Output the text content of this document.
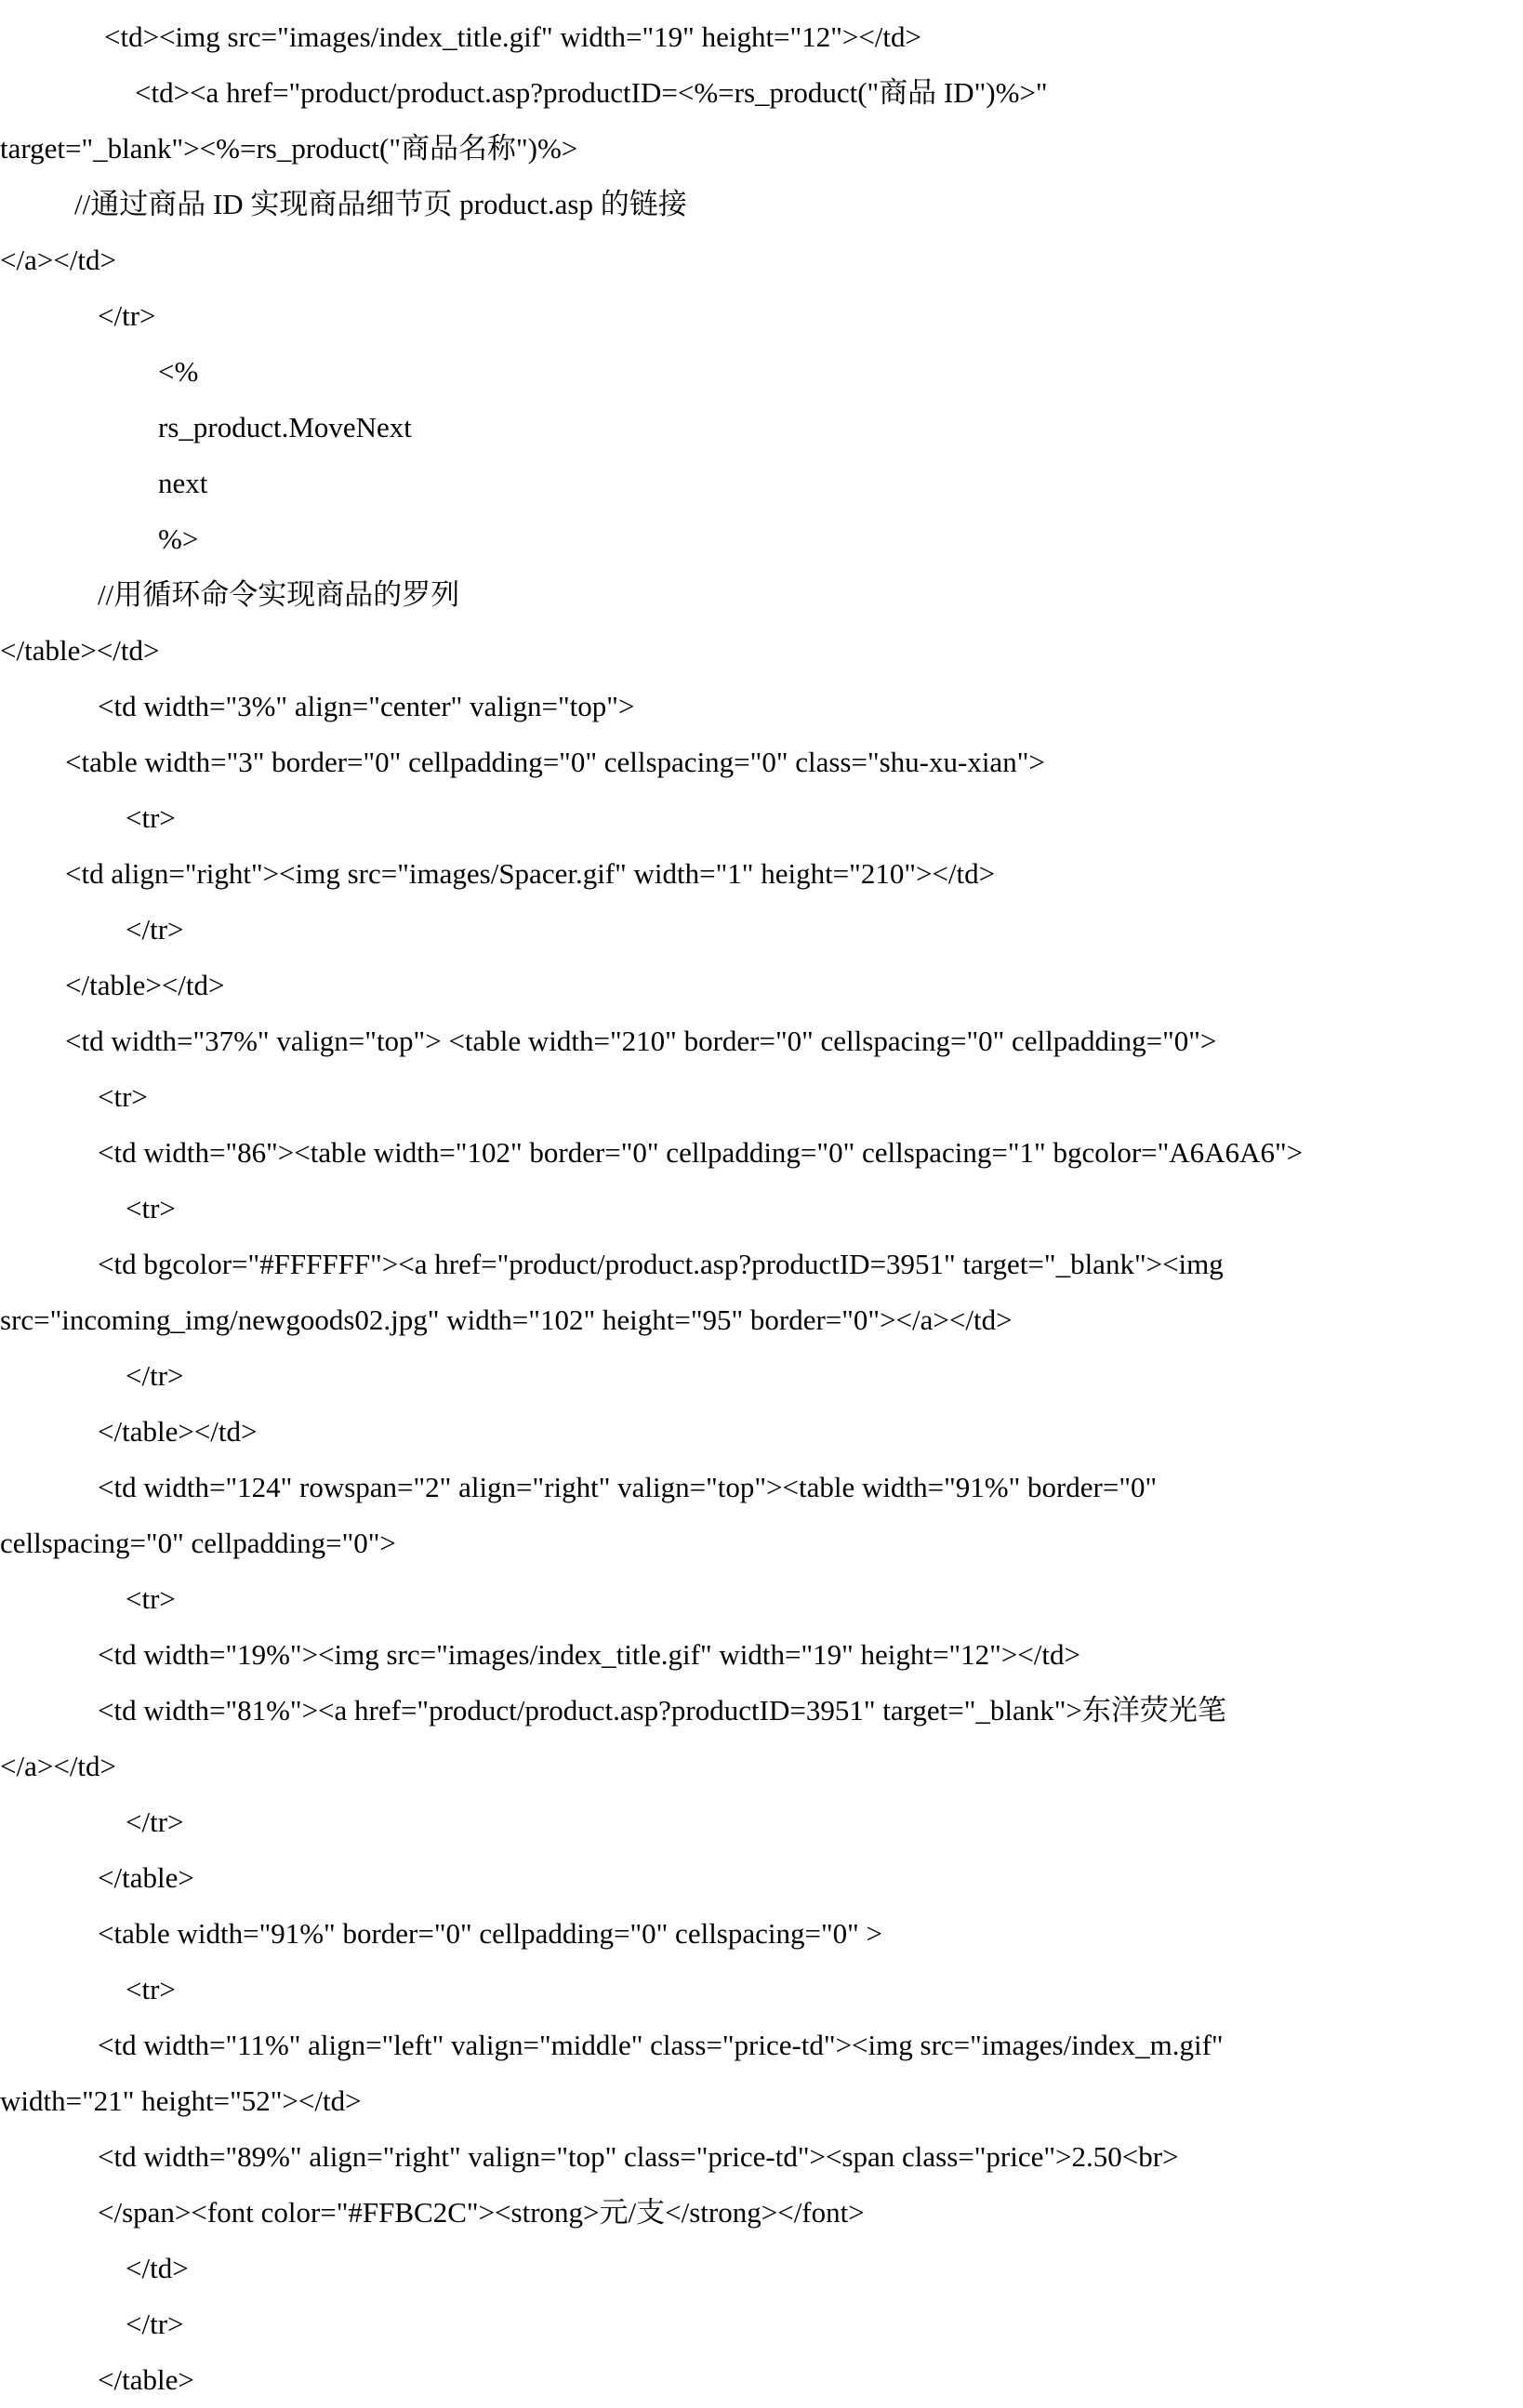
<td><img src="images/index_title.gif" width="19" height="12"></td>
<td><a href="product/product.asp?productID=<%=rs_product("商品 ID")%>"
target="_blank"><%=rs_product("商品名称")%>
//通过商品 ID 实现商品细节页 product.asp 的链接
</a></td>
</tr>
<%
rs_product.MoveNext
next
%>
//用循环命令实现商品的罗列
</table></td>
<td width="3%" align="center" valign="top">
<table width="3" border="0" cellpadding="0" cellspacing="0" class="shu-xu-xian">
<tr>
<td align="right"><img src="images/Spacer.gif" width="1" height="210"></td>
</tr>
</table></td>
<td width="37%" valign="top"> <table width="210" border="0" cellspacing="0" cellpadding="0">
<tr>
<td width="86"><table width="102" border="0" cellpadding="0" cellspacing="1" bgcolor="A6A6A6">
<tr>
<td bgcolor="#FFFFFF"><a href="product/product.asp?productID=3951" target="_blank"><img
src="incoming_img/newgoods02.jpg" width="102" height="95" border="0"></a></td>
</tr>
</table></td>
<td width="124" rowspan="2" align="right" valign="top"><table width="91%" border="0"
cellspacing="0" cellpadding="0">
<tr>
<td width="19%"><img src="images/index_title.gif" width="19" height="12"></td>
<td width="81%"><a href="product/product.asp?productID=3951" target="_blank">东洋荧光笔
</a></td>
</tr>
</table>
<table width="91%" border="0" cellpadding="0" cellspacing="0" >
<tr>
<td width="11%" align="left" valign="middle" class="price-td"><img src="images/index_m.gif"
width="21" height="52"></td>
<td width="89%" align="right" valign="top" class="price-td"><span class="price">2.50<br>
</span><font color="#FFBC2C"><strong>元/支</strong></font>
</td>
</tr>
</table>
